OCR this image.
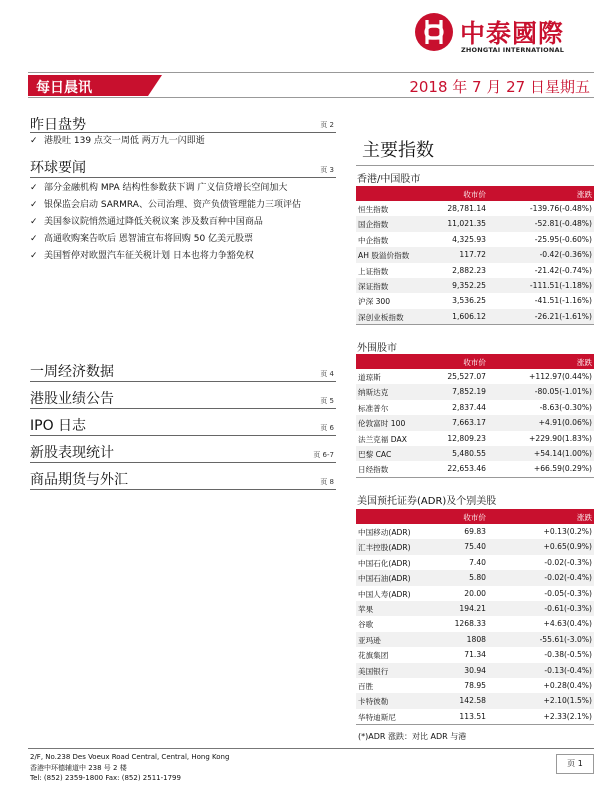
中泰國際
ZHONGTAI INTERNATIONAL
每日晨讯	2018 年 7 月 27 日星期五
昨日盘势	页 2
✓ 港股吐 139 点交一周低 两万九一闪即逝
环球要闻	页 3
✓ 部分金融机构 MPA 结构性参数获下调 广义信贷增长空间加大
✓ 银保监会启动 SARMRA、公司治理、资产负债管理能力三项评估
✓ 美国参议院悄然通过降低关税议案 涉及数百种中国商品
✓ 高通收购案告吹后 恩智浦宣布将回购 50 亿美元股票
✓ 美国暂停对欧盟汽车征关税计划 日本也将力争豁免权
一周经济数据	页 4
港股业绩公告	页 5
IPO 日志	页 6
新股表现统计	页 6-7
商品期货与外汇	页 8
主要指数
香港/中国股市
收市价	涨跌
恒生指数	28,781.14	-139.76(-0.48%)
国企指数	11,021.35	-52.81(-0.48%)
中企指数	4,325.93	-25.95(-0.60%)
AH 股溢价指数	117.72	-0.42(-0.36%)
上证指数	2,882.23	-21.42(-0.74%)
深证指数	9,352.25	-111.51(-1.18%)
沪深 300	3,536.25	-41.51(-1.16%)
深创业板指数	1,606.12	-26.21(-1.61%)
外围股市
收市价	涨跌
道琼斯	25,527.07	+112.97(0.44%)
纳斯达克	7,852.19	-80.05(-1.01%)
标准普尔	2,837.44	-8.63(-0.30%)
伦敦富时 100	7,663.17	+4.91(0.06%)
法兰克福 DAX	12,809.23	+229.90(1.83%)
巴黎 CAC	5,480.55	+54.14(1.00%)
日经指数	22,653.46	+66.59(0.29%)
美国预托证券(ADR)及个别美股
收市价	涨跌
中国移动(ADR)	69.83	+0.13(0.2%)
汇丰控股(ADR)	75.40	+0.65(0.9%)
中国石化(ADR)	7.40	-0.02(-0.3%)
中国石油(ADR)	5.80	-0.02(-0.4%)
中国人寿(ADR)	20.00	-0.05(-0.3%)
苹果	194.21	-0.61(-0.3%)
谷歌	1268.33	+4.63(0.4%)
亚玛逊	1808	-55.61(-3.0%)
花旗集团	71.34	-0.38(-0.5%)
美国银行	30.94	-0.13(-0.4%)
百胜	78.95	+0.28(0.4%)
卡特彼勒	142.58	+2.10(1.5%)
华特迪斯尼	113.51	+2.33(2.1%)
(*)ADR 涨跌：对比 ADR 与港
2/F, No.238 Des Voeux Road Central, Central, Hong Kong
香港中环德辅道中 238 号 2 楼
Tel: (852) 2359-1800 Fax: (852) 2511-1799
页 1
